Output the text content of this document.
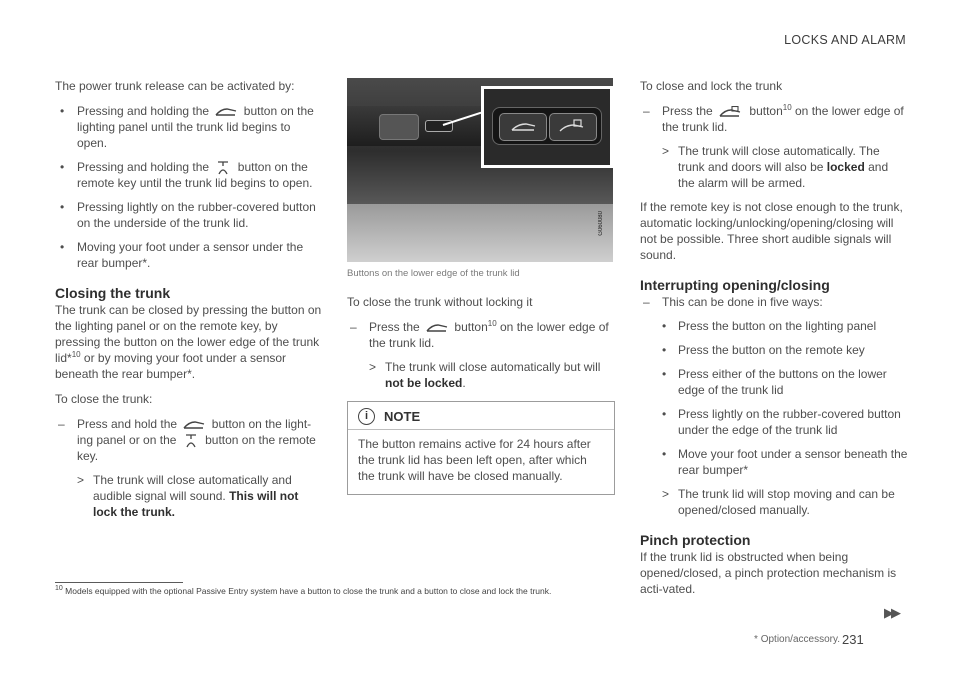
LOCKS AND ALARM

The power trunk release can be activated by:

• Pressing and holding the	button on the lighting panel until the trunk lid begins to open.
• Pressing and holding the button on the remote key until the trunk lid begins to open.
• Pressing lightly on the rubber-covered button on the underside of the trunk lid.
• Moving your foot under a sensor under the rear bumper*.
Closing the trunk

The trunk can be closed by pressing the button on the lighting panel or on the remote key, by pressing the button on the lower edge of the trunk lid*$^{10}$ or by moving your foot under a sensor beneath the rear bumper*.

To close the trunk:

– Press and hold the	button on the light-ing panel or on the button on the remote key.
> The trunk will close automatically and audible signal will sound. This will not lock the trunk.
G060080

Buttons on the lower edge of the trunk lid

To close the trunk without locking it

– Press the	button$^{10}$ on the lower edge of the trunk lid.
> The trunk will close automatically but will not be locked.
i	NOTE
The button remains active for 24 hours after the trunk lid has been left open, after which the trunk will have be closed manually.

To close and lock the trunk

– Press the	button$^{10}$ on the lower edge of the trunk lid.
> The trunk will close automatically. The trunk and doors will also be locked and the alarm will be armed.

If the remote key is not close enough to the trunk, automatic locking/unlocking/opening/closing will not be possible. Three short audible signals will sound.

Interrupting opening/closing
– This can be done in five ways:
• Press the button on the lighting panel
• Press the button on the remote key
• Press either of the buttons on the lower edge of the trunk lid
• Press lightly on the rubber-covered button under the edge of the trunk lid
• Move your foot under a sensor beneath the rear bumper*
> The trunk lid will stop moving and can be opened/closed manually.
Pinch protection

If the trunk lid is obstructed when being opened/closed, a pinch protection mechanism is acti-vated.

$^{10}$ Models equipped with the optional Passive Entry system have a button to close the trunk and a button to close and lock the trunk.
▶▶
* Option/accessory. 231
